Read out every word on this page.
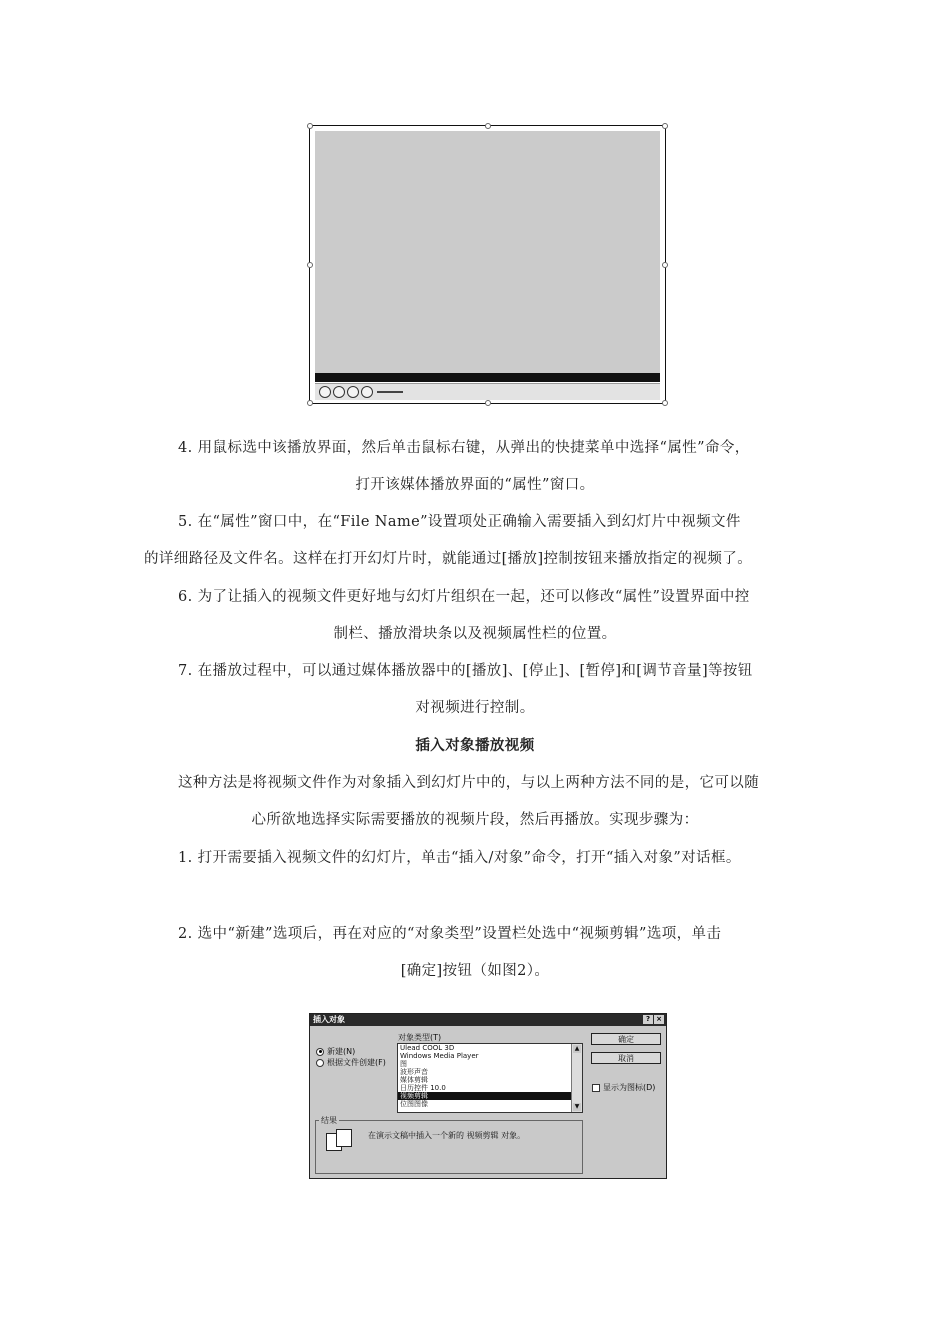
4. 用鼠标选中该播放界面，然后单击鼠标右键，从弹出的快捷菜单中选择“属性”命令，
打开该媒体播放界面的“属性”窗口。
5. 在“属性”窗口中，在“File Name”设置项处正确输入需要插入到幻灯片中视频文件
的详细路径及文件名。这样在打开幻灯片时，就能通过[播放]控制按钮来播放指定的视频了。
6. 为了让插入的视频文件更好地与幻灯片组织在一起，还可以修改“属性”设置界面中控
制栏、播放滑块条以及视频属性栏的位置。
7. 在播放过程中，可以通过媒体播放器中的[播放]、[停止]、[暂停]和[调节音量]等按钮
对视频进行控制。
插入对象播放视频
这种方法是将视频文件作为对象插入到幻灯片中的，与以上两种方法不同的是，它可以随
心所欲地选择实际需要播放的视频片段，然后再播放。实现步骤为：
1. 打开需要插入视频文件的幻灯片，单击“插入/对象”命令，打开“插入对象”对话框。
2. 选中“新建”选项后，再在对应的“对象类型”设置栏处选中“视频剪辑”选项，单击
[确定]按钮（如图2）。
插入对象	? ×
新建(N)
根据文件创建(F)
对象类型(T)
Ulead COOL 3D
Windows Media Player
图
波形声音
媒体剪辑
日历控件 10.0
视频剪辑
位图图像
▲
▼
确定
取消
显示为图标(D)
结果
在演示文稿中插入一个新的 视频剪辑 对象。
